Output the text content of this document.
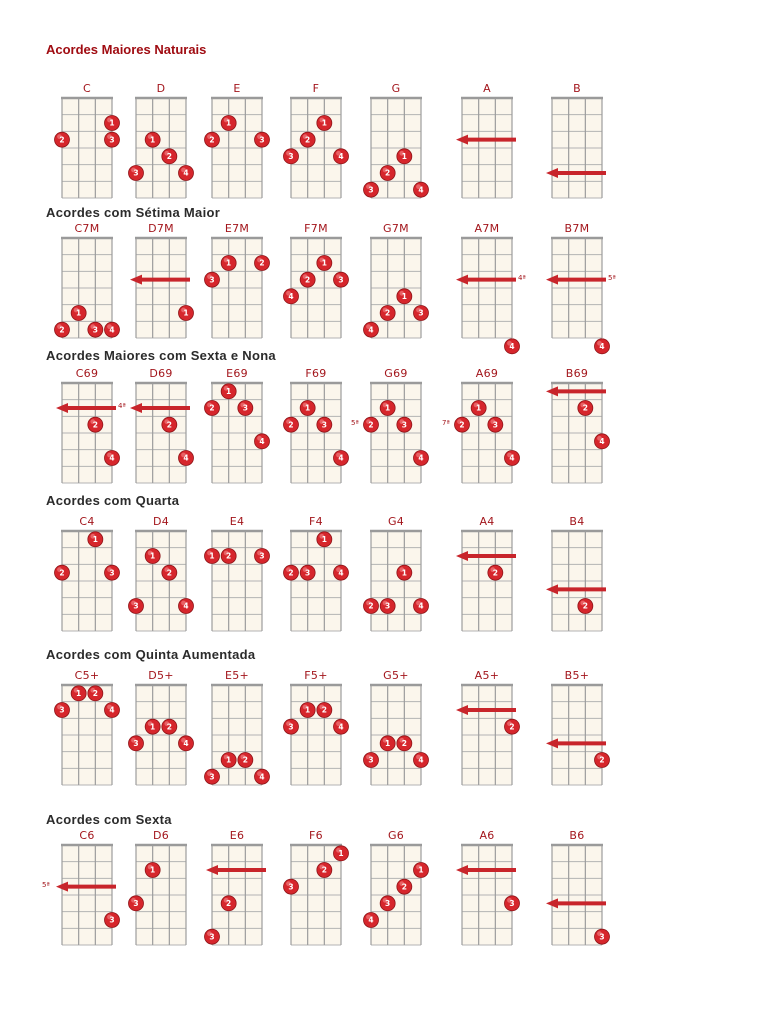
Acordes Maiores Naturais
Acordes com Sétima Maior
Acordes Maiores com Sexta e Nona
Acordes com Quarta
Acordes com Quinta Aumentada
Acordes com Sexta
C
1
2	3
D
1
2
3	4
E
1
2	3
F
1
2
3	4
G
1
2
3	4
A	B
C7M
1
2	3 4
D7M
1
E7M
1	2
3
F7M
1
2	3
4
G7M
1
2	3
4
A7M
4
4ª
B7M
4
5ª
C69
2
4
4ª
D69
2
4
E69
1
2	3
4
F69
1
2	3
4
G69
1
2	3
4
5ª
A69
1
2	3
4
7ª
B69
2
4
C4
1
2	3
D4
1
2
3	4
E4
1 2	3
F4
1
2 3	4
G4
1
2 3	4
A4
2
B4
2
C5+
1 2
3	4
D5+
1 2
3	4
E5+
1 2
3	4
F5+
1 2
3	4
G5+
1 2
3	4
A5+
2
B5+
2
C6
3
5ª
D6
1
3
E6
2
3
F6
1
2
3
G6
1
2
3
4
A6
3
B6
3
